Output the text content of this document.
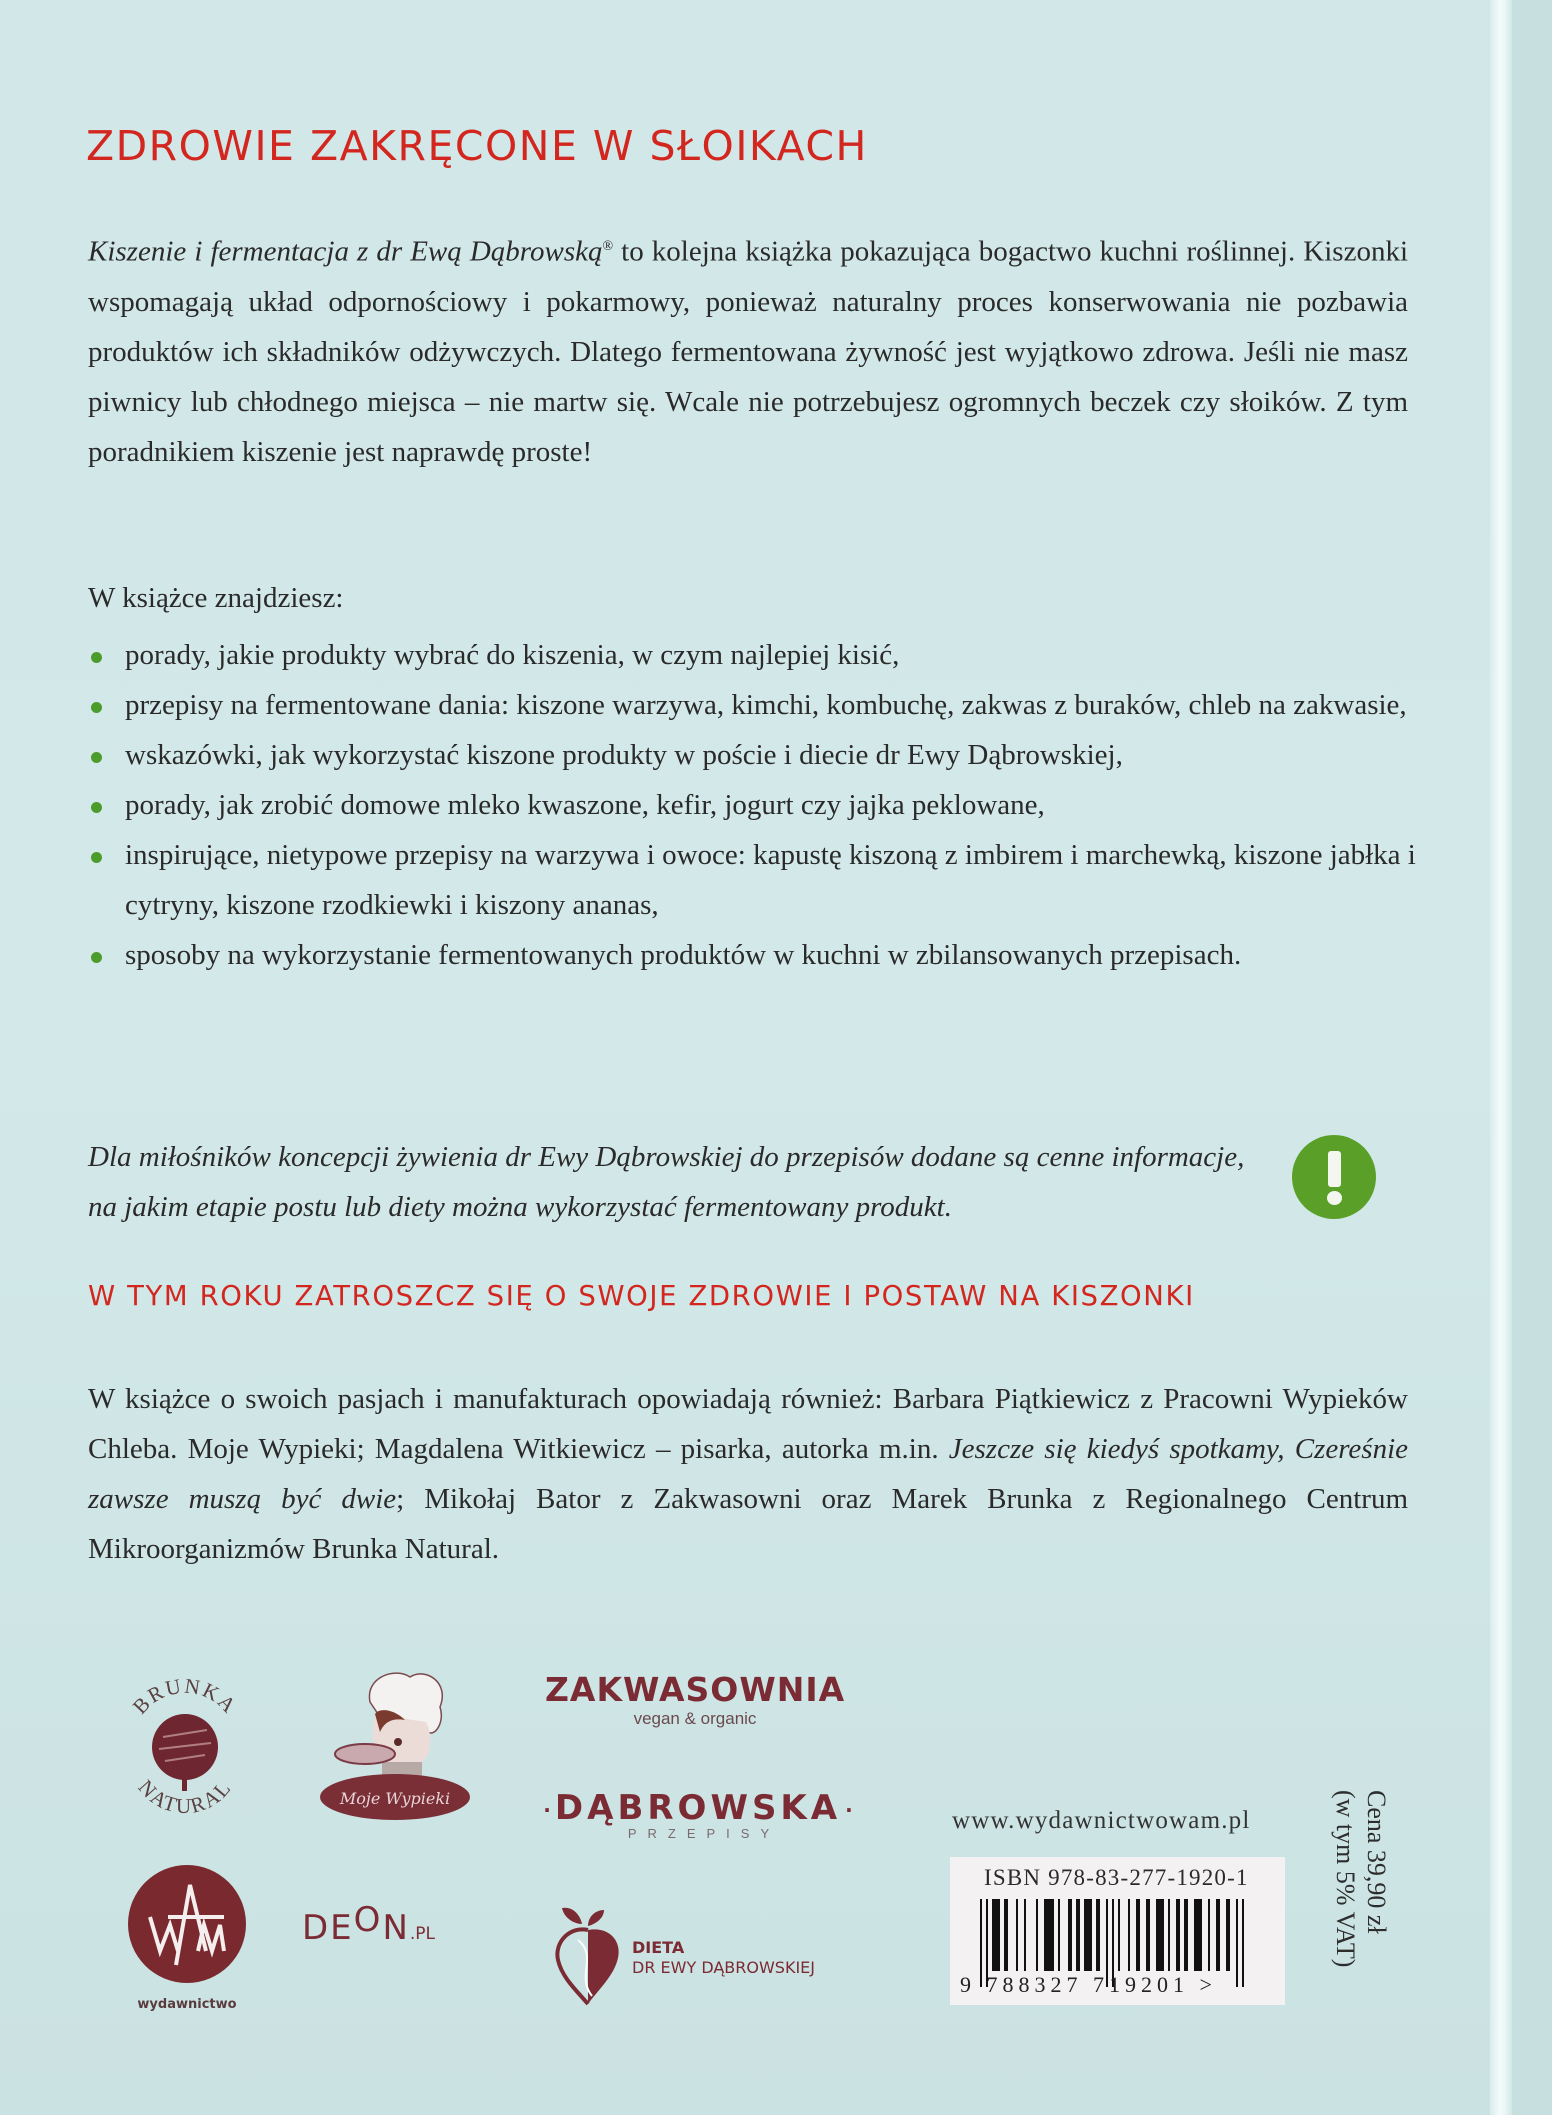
ZDROWIE ZAKRĘCONE W SŁOIKACH

Kiszenie i fermentacja z dr Ewą Dąbrowską® to kolejna książka pokazująca bogactwo kuchni roślinnej. Kiszonki wspomagają układ odpornościowy i pokarmowy, ponieważ naturalny proces konserwowania nie pozbawia produktów ich składników odżywczych. Dlatego fermentowana żywność jest wyjątkowo zdrowa. Jeśli nie masz piwnicy lub chłodnego miejsca – nie martw się. Wcale nie potrzebujesz ogromnych beczek czy słoików. Z tym poradnikiem kiszenie jest naprawdę proste!

W książce znajdziesz:

porady, jakie produkty wybrać do kiszenia, w czym najlepiej kisić,
przepisy na fermentowane dania: kiszone warzywa, kimchi, kombuchę, zakwas z buraków, chleb na zakwasie,
wskazówki, jak wykorzystać kiszone produkty w poście i diecie dr Ewy Dąbrowskiej,
porady, jak zrobić domowe mleko kwaszone, kefir, jogurt czy jajka peklowane,
inspirujące, nietypowe przepisy na warzywa i owoce: kapustę kiszoną z imbirem i marchewką, kiszone jabłka i cytryny, kiszone rzodkiewki i kiszony ananas,
sposoby na wykorzystanie fermentowanych produktów w kuchni w zbilansowanych przepisach.

Dla miłośników koncepcji żywienia dr Ewy Dąbrowskiej do przepisów dodane są cenne informacje, na jakim etapie postu lub diety można wykorzystać fermentowany produkt.

W TYM ROKU ZATROSZCZ SIĘ O SWOJE ZDROWIE I POSTAW NA KISZONKI

W książce o swoich pasjach i manufakturach opowiadają również: Barbara Piątkiewicz z Pracowni Wypieków Chleba. Moje Wypieki; Magdalena Witkiewicz – pisarka, autorka m.in. Jeszcze się kiedyś spotkamy, Czereśnie zawsze muszą być dwie; Mikołaj Bator z Zakwasowni oraz Marek Brunka z Regionalnego Centrum Mikroorganizmów Brunka Natural.

BRUNKA
NATURAL	Moje Wypieki
ZAKWASOWNIA
vegan & organic
· DĄBROWSKA ·
PRZEPISY
wydawnictwo
DEON.PL
DIETA
DR EWY DĄBROWSKIEJ
www.wydawnictwowam.pl
ISBN 978-83-277-1920-1
9 788327 719201 >
Cena 39,90 zł
(w tym 5% VAT)
